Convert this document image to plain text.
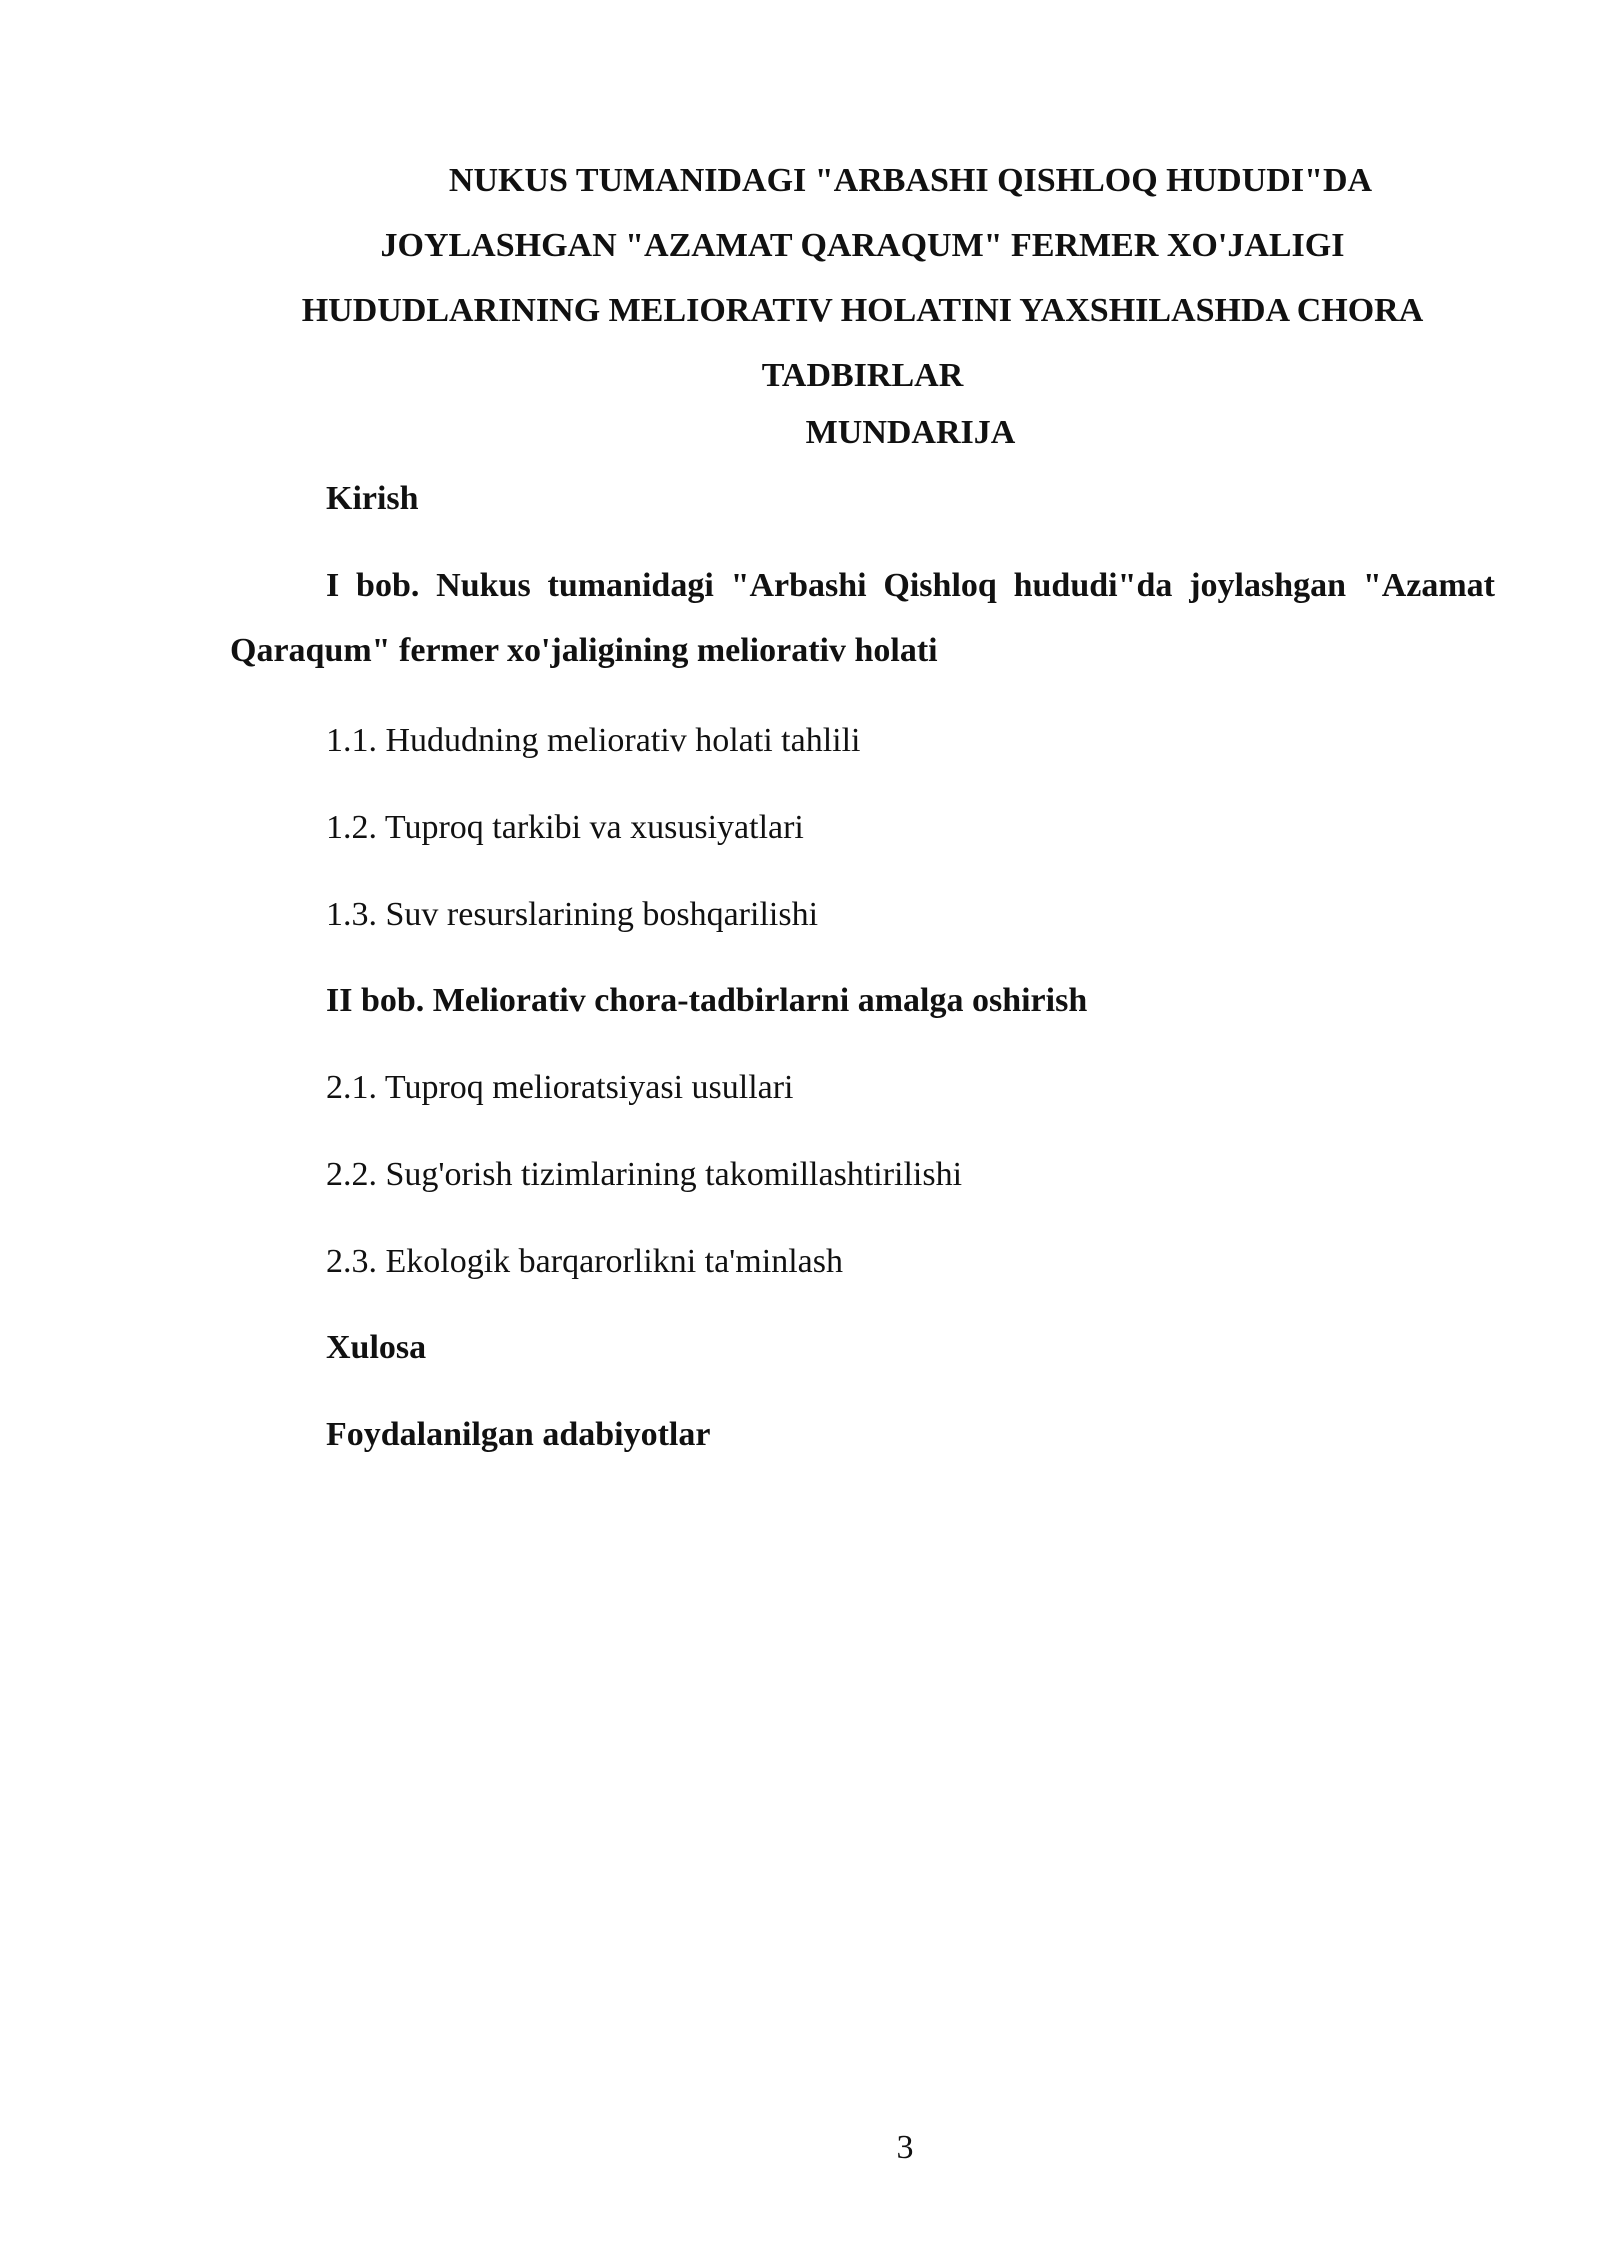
NUKUS TUMANIDAGI "ARBASHI QISHLOQ HUDUDI"DA
JOYLASHGAN "AZAMAT QARAQUM" FERMER XO'JALIGI
HUDUDLARINING MELIORATIV HOLATINI YAXSHILASHDA CHORA
TADBIRLAR
MUNDARIJA
Kirish
I bob. Nukus tumanidagi "Arbashi Qishloq hududi"da joylashgan "Azamat Qaraqum" fermer xo'jaligining meliorativ holati
1.1. Hududning meliorativ holati tahlili
1.2. Tuproq tarkibi va xususiyatlari
1.3. Suv resurslarining boshqarilishi
II bob. Meliorativ chora-tadbirlarni amalga oshirish
2.1. Tuproq melioratsiyasi usullari
2.2. Sug'orish tizimlarining takomillashtirilishi
2.3. Ekologik barqarorlikni ta'minlash
Xulosa
Foydalanilgan adabiyotlar
3
